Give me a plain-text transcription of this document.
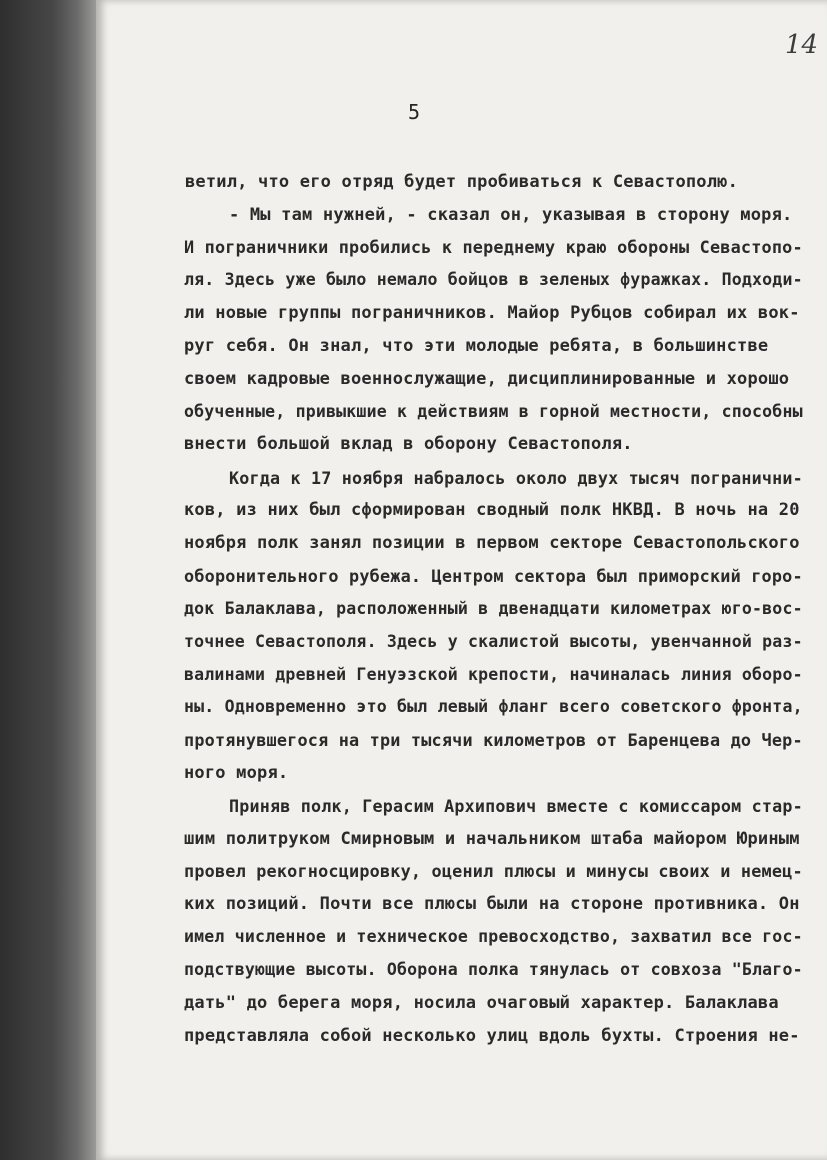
14
5
ветил, что его отряд будет пробиваться к Севастополю.
- Мы там нужней, - сказал он, указывая в сторону моря.
И пограничники пробились к переднему краю обороны Севастопо-
ля. Здесь уже было немало бойцов в зеленых фуражках. Подходи-
ли новые группы пограничников. Майор Рубцов собирал их вок-
руг себя. Он знал, что эти молодые ребята, в большинстве
своем кадровые военнослужащие, дисциплинированные и хорошо
обученные, привыкшие к действиям в горной местности, способны
внести большой вклад в оборону Севастополя.
Когда к 17 ноября набралось около двух тысяч погранични-
ков, из них был сформирован сводный полк НКВД. В ночь на 20
ноября полк занял позиции в первом секторе Севастопольского
оборонительного рубежа. Центром сектора был приморский горо-
док Балаклава, расположенный в двенадцати километрах юго-вос-
точнее Севастополя. Здесь у скалистой высоты, увенчанной раз-
валинами древней Генуэзской крепости, начиналась линия оборо-
ны. Одновременно это был левый фланг всего советского фронта,
протянувшегося на три тысячи километров от Баренцева до Чер-
ного моря.
Приняв полк, Герасим Архипович вместе с комиссаром стар-
шим политруком Смирновым и начальником штаба майором Юриным
провел рекогносцировку, оценил плюсы и минусы своих и немец-
ких позиций. Почти все плюсы были на стороне противника. Он
имел численное и техническое превосходство, захватил все гос-
подствующие высоты. Оборона полка тянулась от совхоза "Благо-
дать" до берега моря, носила очаговый характер. Балаклава
представляла собой несколько улиц вдоль бухты. Строения не-
